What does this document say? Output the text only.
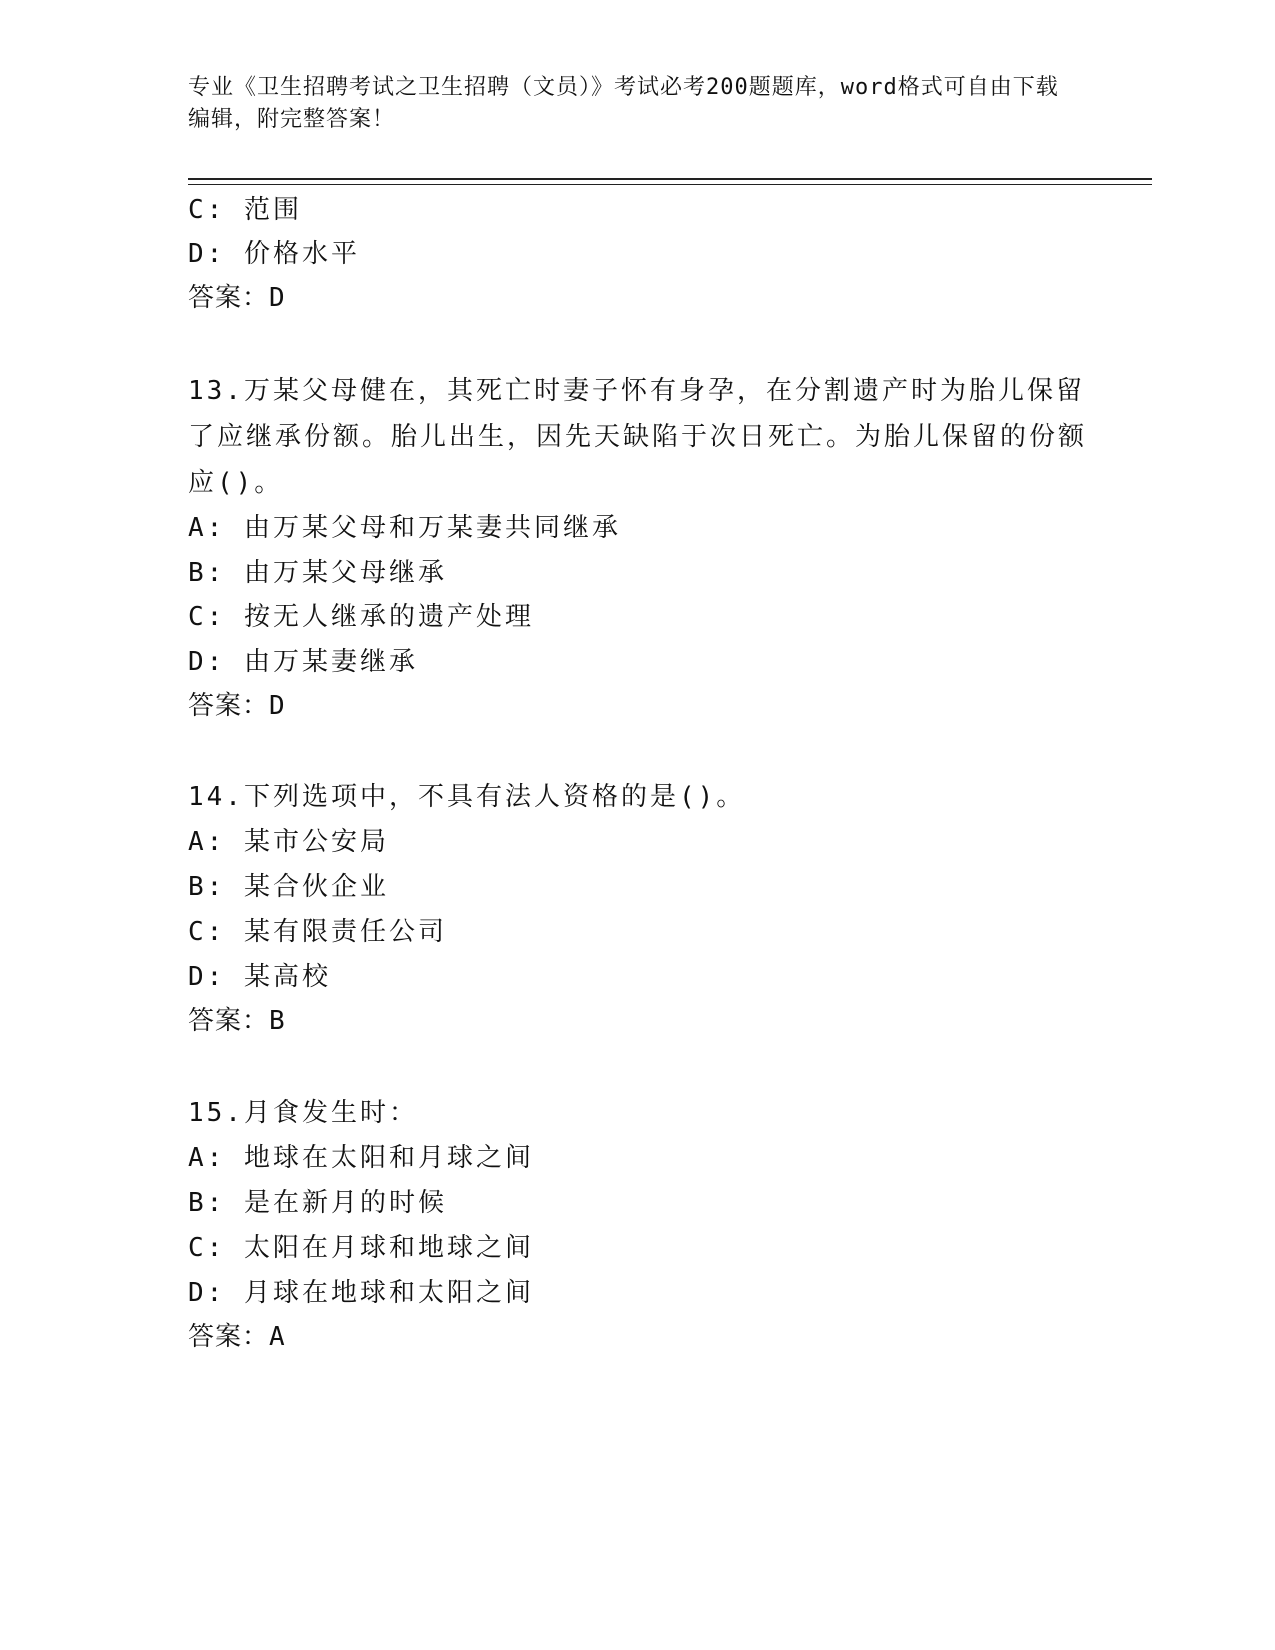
专业《卫生招聘考试之卫生招聘（文员）》考试必考200题题库，word格式可自由下载编辑，附完整答案！
C: 范围
D: 价格水平
答案：D
13.万某父母健在，其死亡时妻子怀有身孕，在分割遗产时为胎儿保留了应继承份额。胎儿出生，因先天缺陷于次日死亡。为胎儿保留的份额应()。
A: 由万某父母和万某妻共同继承
B: 由万某父母继承
C: 按无人继承的遗产处理
D: 由万某妻继承
答案：D
14.下列选项中，不具有法人资格的是()。
A: 某市公安局
B: 某合伙企业
C: 某有限责任公司
D: 某高校
答案：B
15.月食发生时：
A: 地球在太阳和月球之间
B: 是在新月的时候
C: 太阳在月球和地球之间
D: 月球在地球和太阳之间
答案：A
